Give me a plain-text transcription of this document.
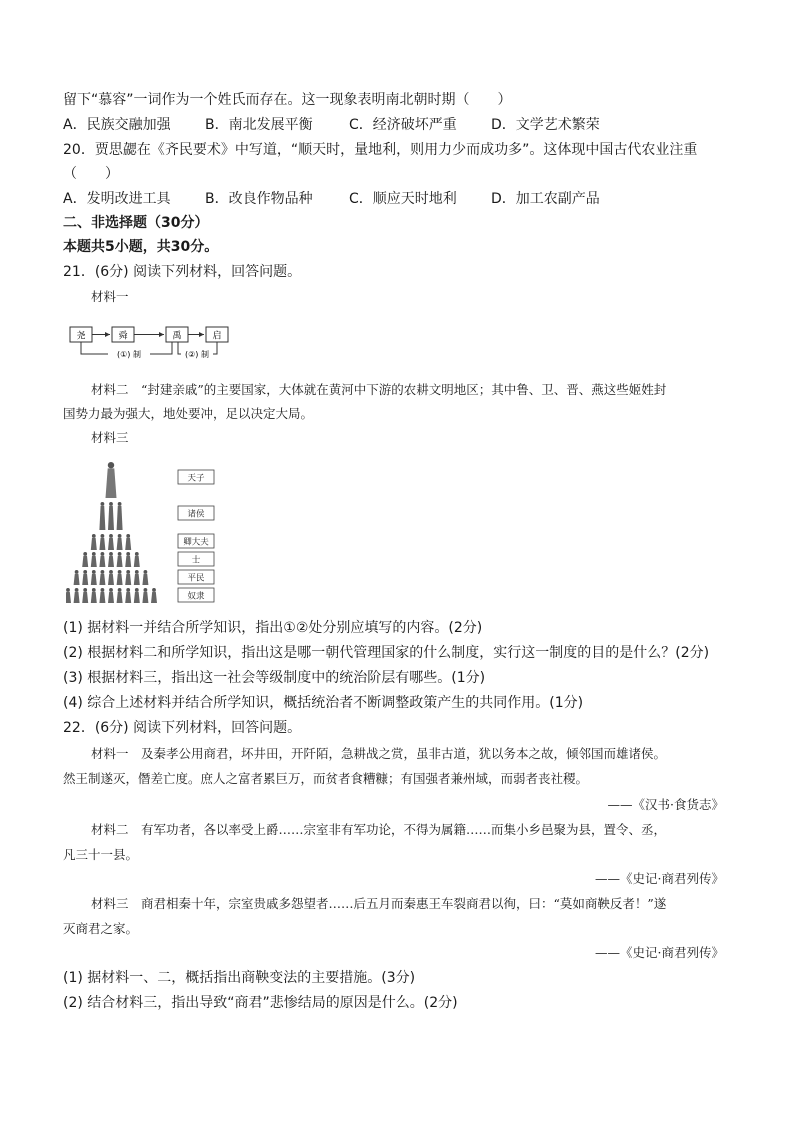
留下“慕容”一词作为一个姓氏而存在。这一现象表明南北朝时期（　　）
A．民族交融加强	B．南北发展平衡	C．经济破坏严重	D．文学艺术繁荣
20．贾思勰在《齐民要术》中写道，“顺天时，量地利，则用力少而成功多”。这体现中国古代农业注重
（　　）
A．发明改进工具	B．改良作物品种	C．顺应天时地利	D．加工农副产品
二、非选择题（30分）
本题共5小题，共30分。
21．(6分) 阅读下列材料，回答问题。
材料一
尧	舜	禹	启
(①) 制	(②) 制
材料二　“封建亲戚”的主要国家，大体就在黄河中下游的农耕文明地区；其中鲁、卫、晋、燕这些姬姓封
国势力最为强大，地处要冲，足以决定大局。
材料三
天子
诸侯
卿大夫
士
平民
奴隶
(1) 据材料一并结合所学知识，指出①②处分别应填写的内容。(2分)
(2) 根据材料二和所学知识，指出这是哪一朝代管理国家的什么制度，实行这一制度的目的是什么？(2分)
(3) 根据材料三，指出这一社会等级制度中的统治阶层有哪些。(1分)
(4) 综合上述材料并结合所学知识，概括统治者不断调整政策产生的共同作用。(1分)
22．(6分) 阅读下列材料，回答问题。
材料一　及秦孝公用商君，坏井田，开阡陌，急耕战之赏，虽非古道，犹以务本之故，倾邻国而雄诸侯。
然王制遂灭，僭差亡度。庶人之富者累巨万，而贫者食糟糠；有国强者兼州域，而弱者丧社稷。
——《汉书·食货志》
材料二　有军功者，各以率受上爵……宗室非有军功论，不得为属籍……而集小乡邑聚为县，置令、丞，
凡三十一县。
——《史记·商君列传》
材料三　商君相秦十年，宗室贵戚多怨望者……后五月而秦惠王车裂商君以徇，曰：“莫如商鞅反者！”遂
灭商君之家。
——《史记·商君列传》
(1) 据材料一、二，概括指出商鞅变法的主要措施。(3分)
(2) 结合材料三，指出导致“商君”悲惨结局的原因是什么。(2分)
